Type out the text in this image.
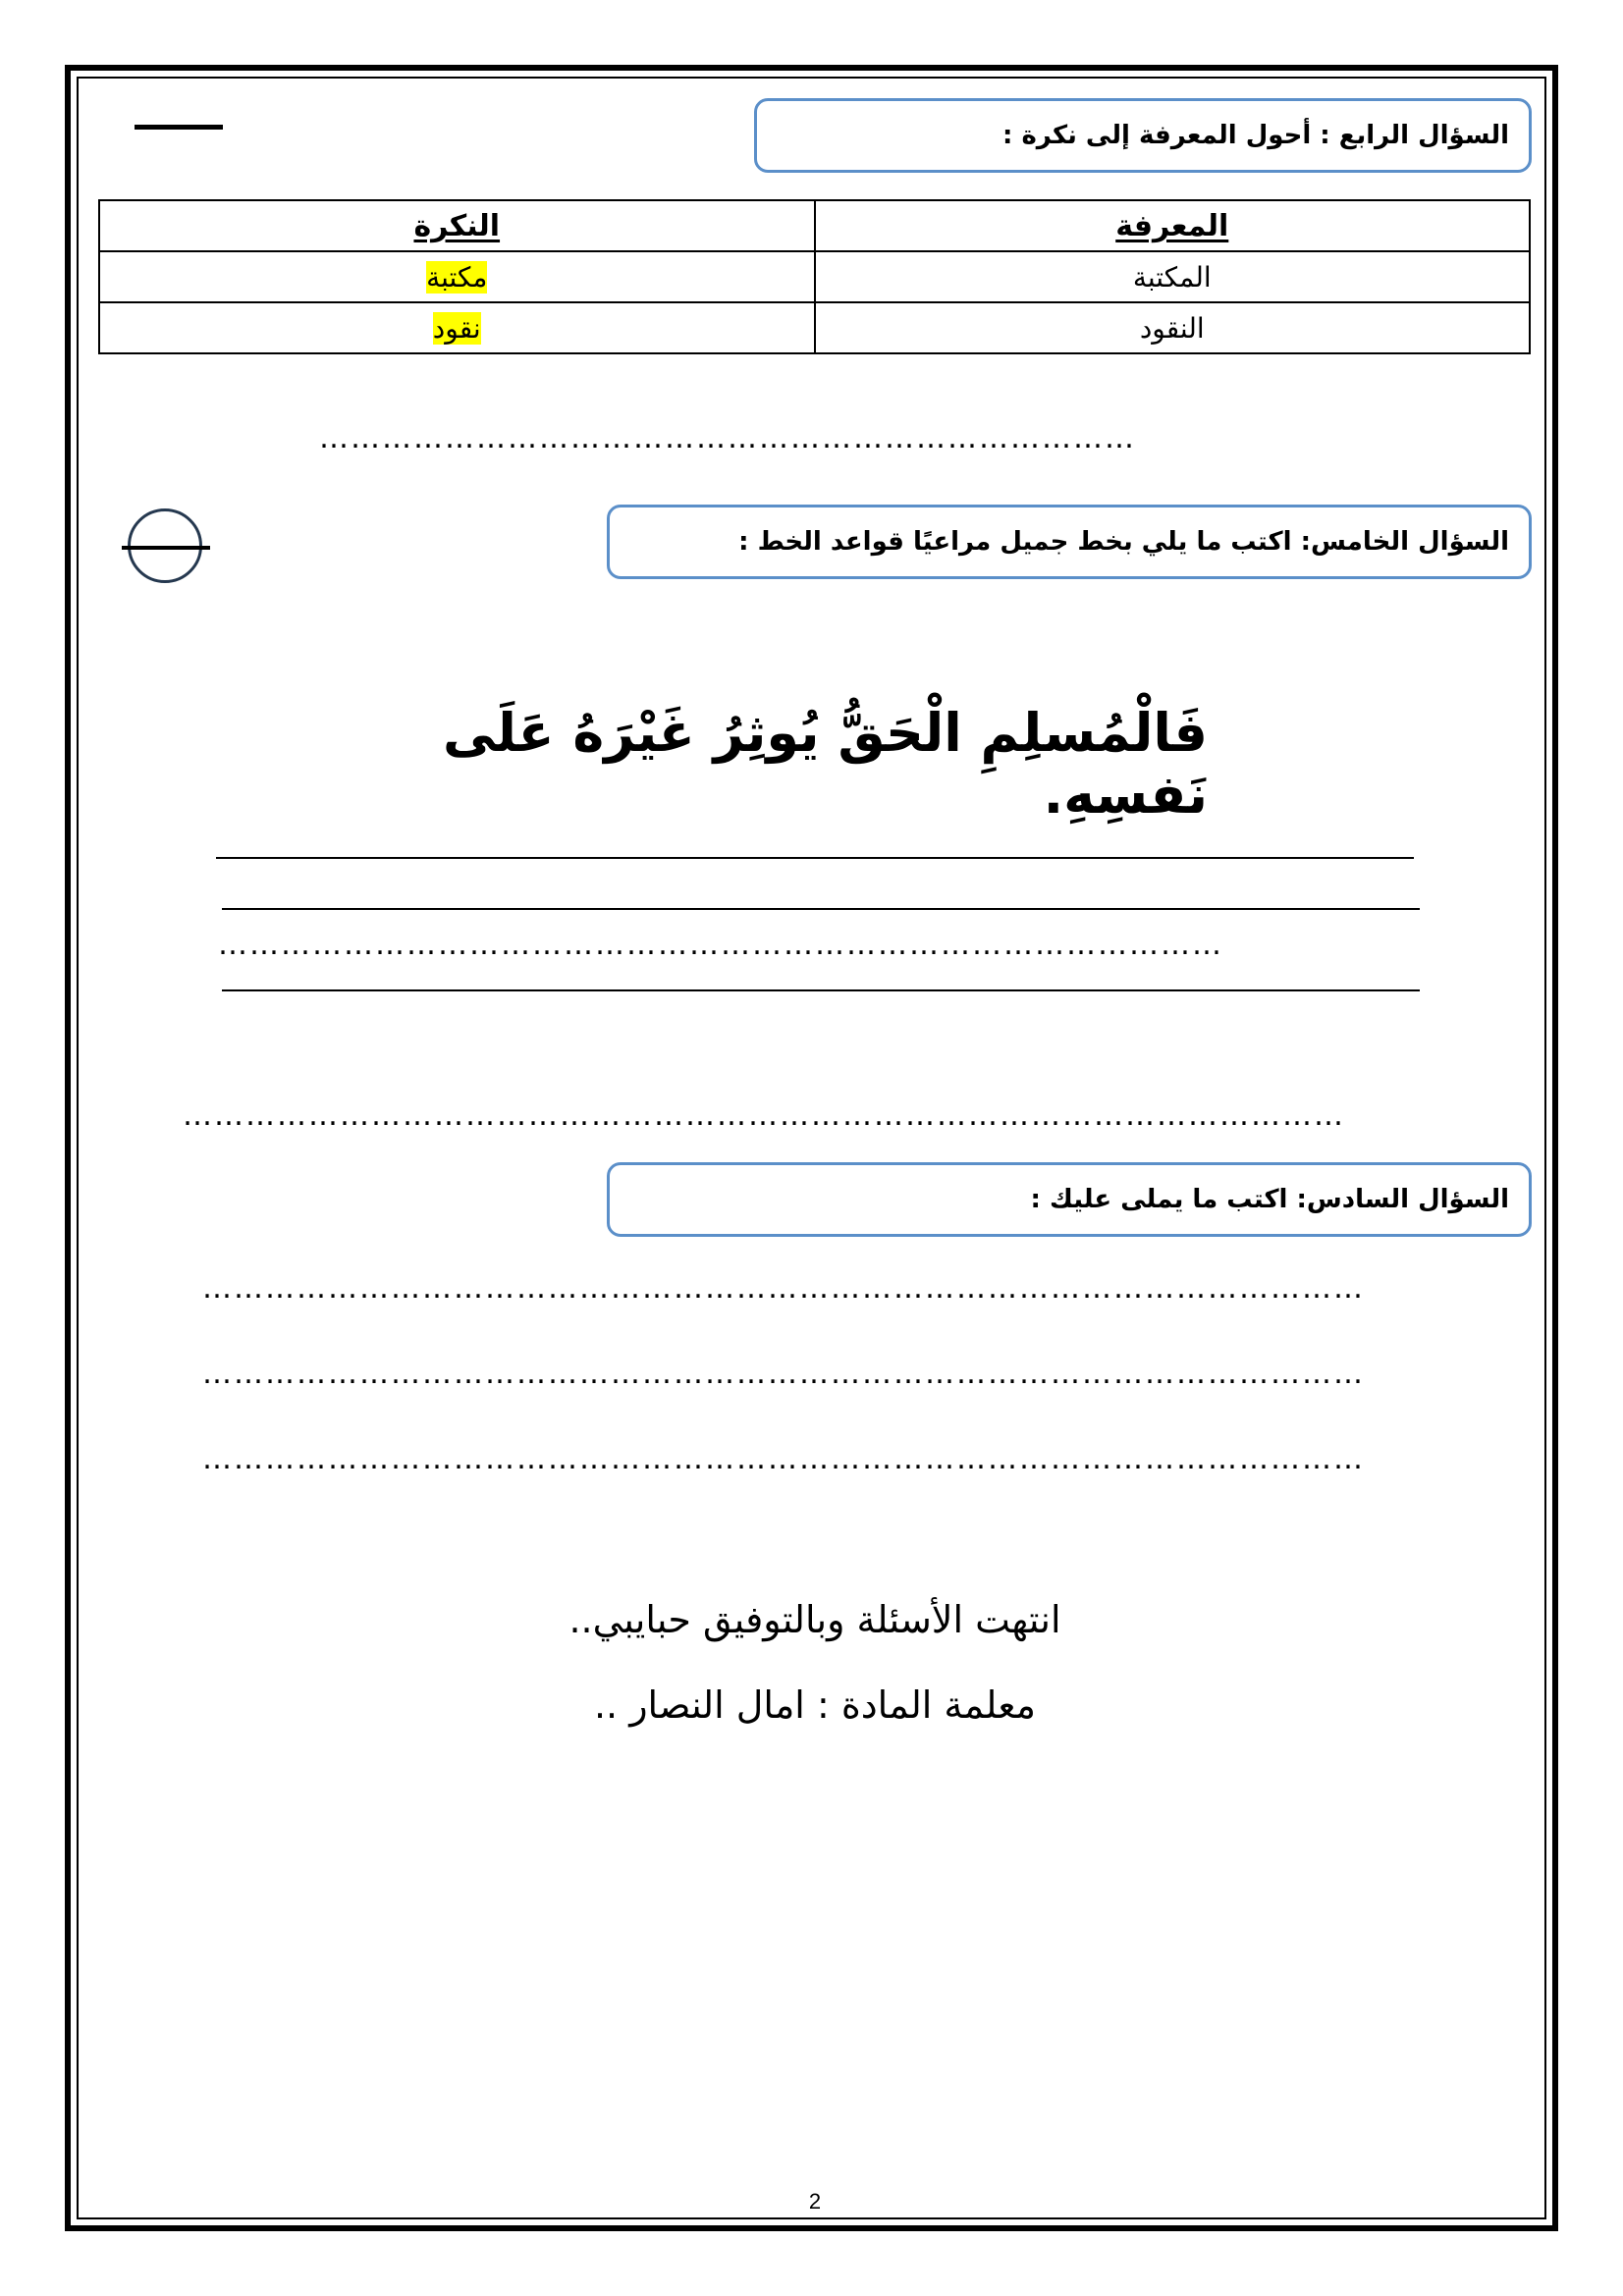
السؤال الرابع : أحول المعرفة إلى نكرة :
المعرفة	النكرة
المكتبة	مكتبة
النقود	نقود
……………………………………………………………………
السؤال الخامس: اكتب ما يلي بخط جميل مراعيًا قواعد الخط :
فَالْمُسلِمِ الْحَقُّ يُوثِرُ غَيْرَهُ عَلَى نَفسِهِ.
……………………………………………………………………………………
…………………………………………………………………………………………………
السؤال السادس: اكتب ما يملى عليك :
…………………………………………………………………………………………………
…………………………………………………………………………………………………
…………………………………………………………………………………………………
انتهت الأسئلة وبالتوفيق حبايبي..
معلمة المادة : امال النصار ..
2
